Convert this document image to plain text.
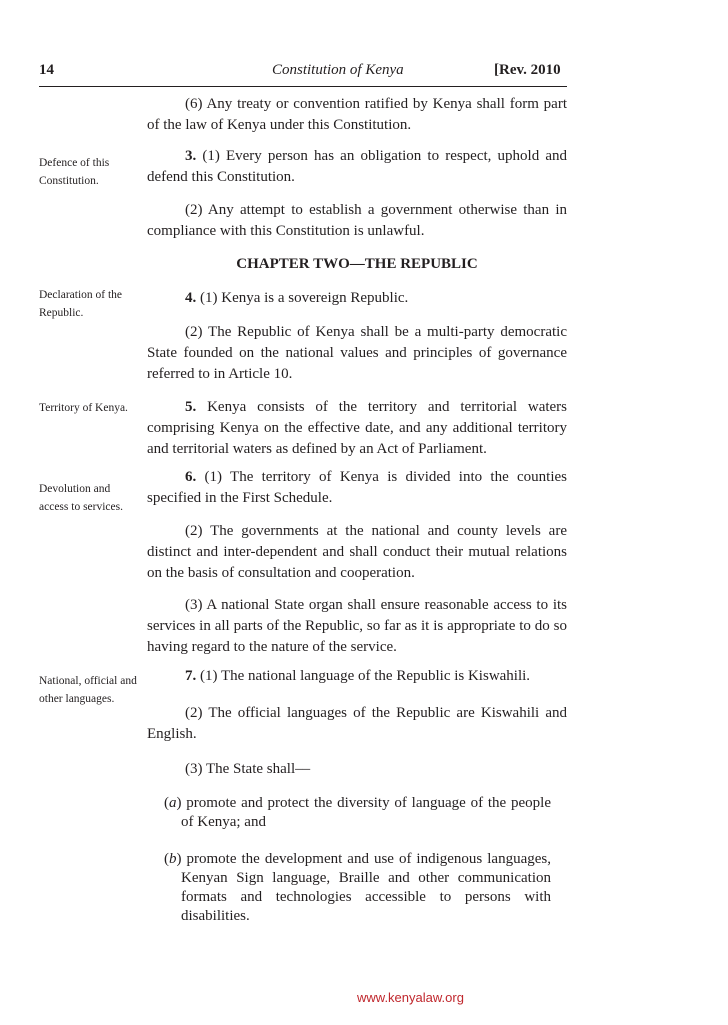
14	Constitution of Kenya	[Rev. 2010
Defence of this
Constitution.
Declaration of the
Republic.
Territory of Kenya.
Devolution and
access to services.
National, official and
other languages.

(6) Any treaty or convention ratified by Kenya shall form part of the law of Kenya under this Constitution.

3. (1) Every person has an obligation to respect, uphold and defend this Constitution.

(2) Any attempt to establish a government otherwise than in compliance with this Constitution is unlawful.

CHAPTER TWO—THE REPUBLIC

4. (1) Kenya is a sovereign Republic.

(2) The Republic of Kenya shall be a multi-party democratic State founded on the national values and principles of governance referred to in Article 10.

5. Kenya consists of the territory and territorial waters comprising Kenya on the effective date, and any additional territory and territorial waters as defined by an Act of Parliament.

6. (1) The territory of Kenya is divided into the counties specified in the First Schedule.

(2) The governments at the national and county levels are distinct and inter-dependent and shall conduct their mutual relations on the basis of consultation and cooperation.

(3) A national State organ shall ensure reasonable access to its services in all parts of the Republic, so far as it is appropriate to do so having regard to the nature of the service.

7. (1) The national language of the Republic is Kiswahili.

(2) The official languages of the Republic are Kiswahili and English.

(3) The State shall––

(a) promote and protect the diversity of language of the people of Kenya; and
(b) promote the development and use of indigenous languages, Kenyan Sign language, Braille and other communication formats and technologies accessible to persons with disabilities.
www.kenyalaw.org
